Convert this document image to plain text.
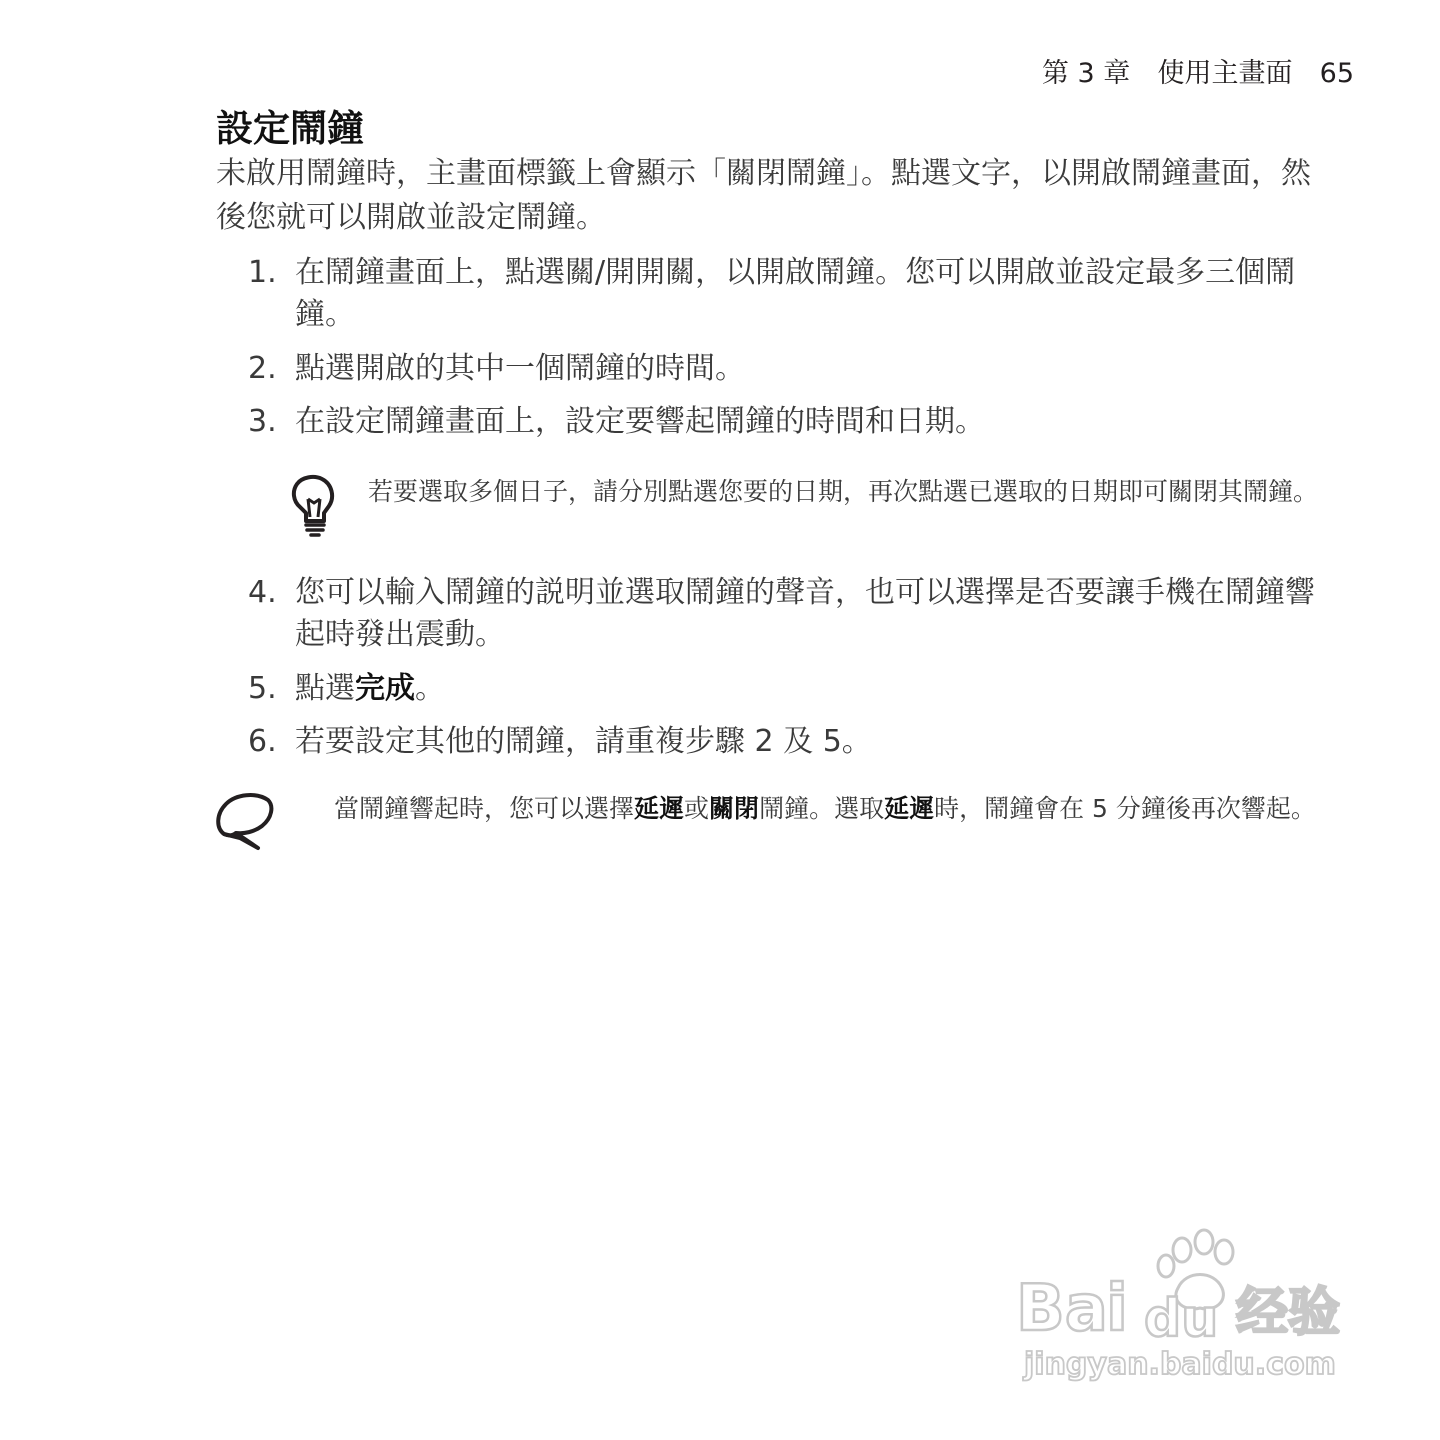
第 3 章 使用主畫面 65
設定鬧鐘

未啟用鬧鐘時，主畫面標籤上會顯示「關閉鬧鐘」。點選文字，以開啟鬧鐘畫面，然後您就可以開啟並設定鬧鐘。

1. 在鬧鐘畫面上，點選關/開開關，以開啟鬧鐘。您可以開啟並設定最多三個鬧鐘。
2. 點選開啟的其中一個鬧鐘的時間。
3. 在設定鬧鐘畫面上，設定要響起鬧鐘的時間和日期。
若要選取多個日子，請分別點選您要的日期，再次點選已選取的日期即可關閉其鬧鐘。
4. 您可以輸入鬧鐘的説明並選取鬧鐘的聲音，也可以選擇是否要讓手機在鬧鐘響起時發出震動。
5. 點選完成。
6. 若要設定其他的鬧鐘，請重複步驟 2 及 5。
當鬧鐘響起時，您可以選擇延遲或關閉鬧鐘。選取延遲時，鬧鐘會在 5 分鐘後再次響起。
Ba
i du 经验
jingyan.baidu.com
